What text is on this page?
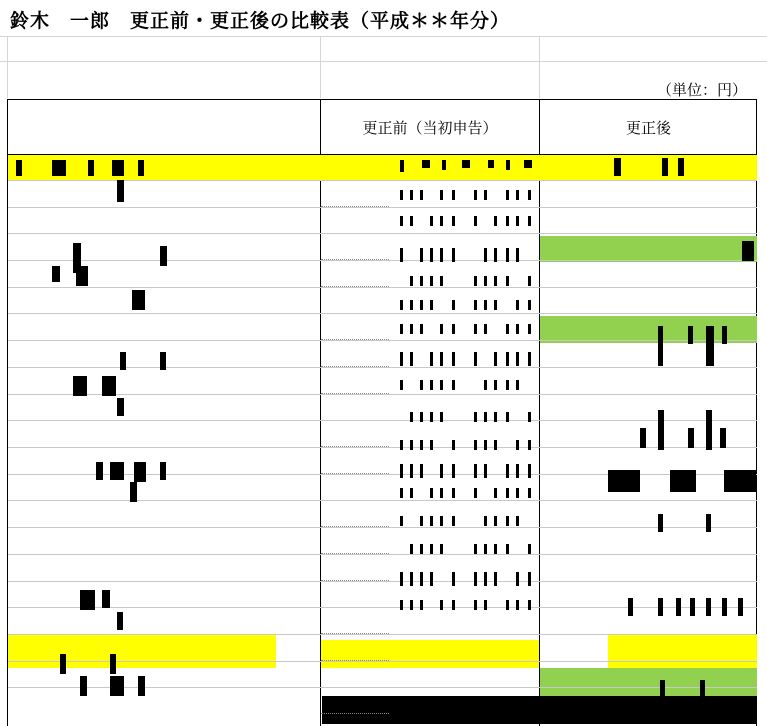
鈴木　一郎　更正前・更正後の比較表（平成＊＊年分）
（単位：円）
更正前（当初申告）	更正後
